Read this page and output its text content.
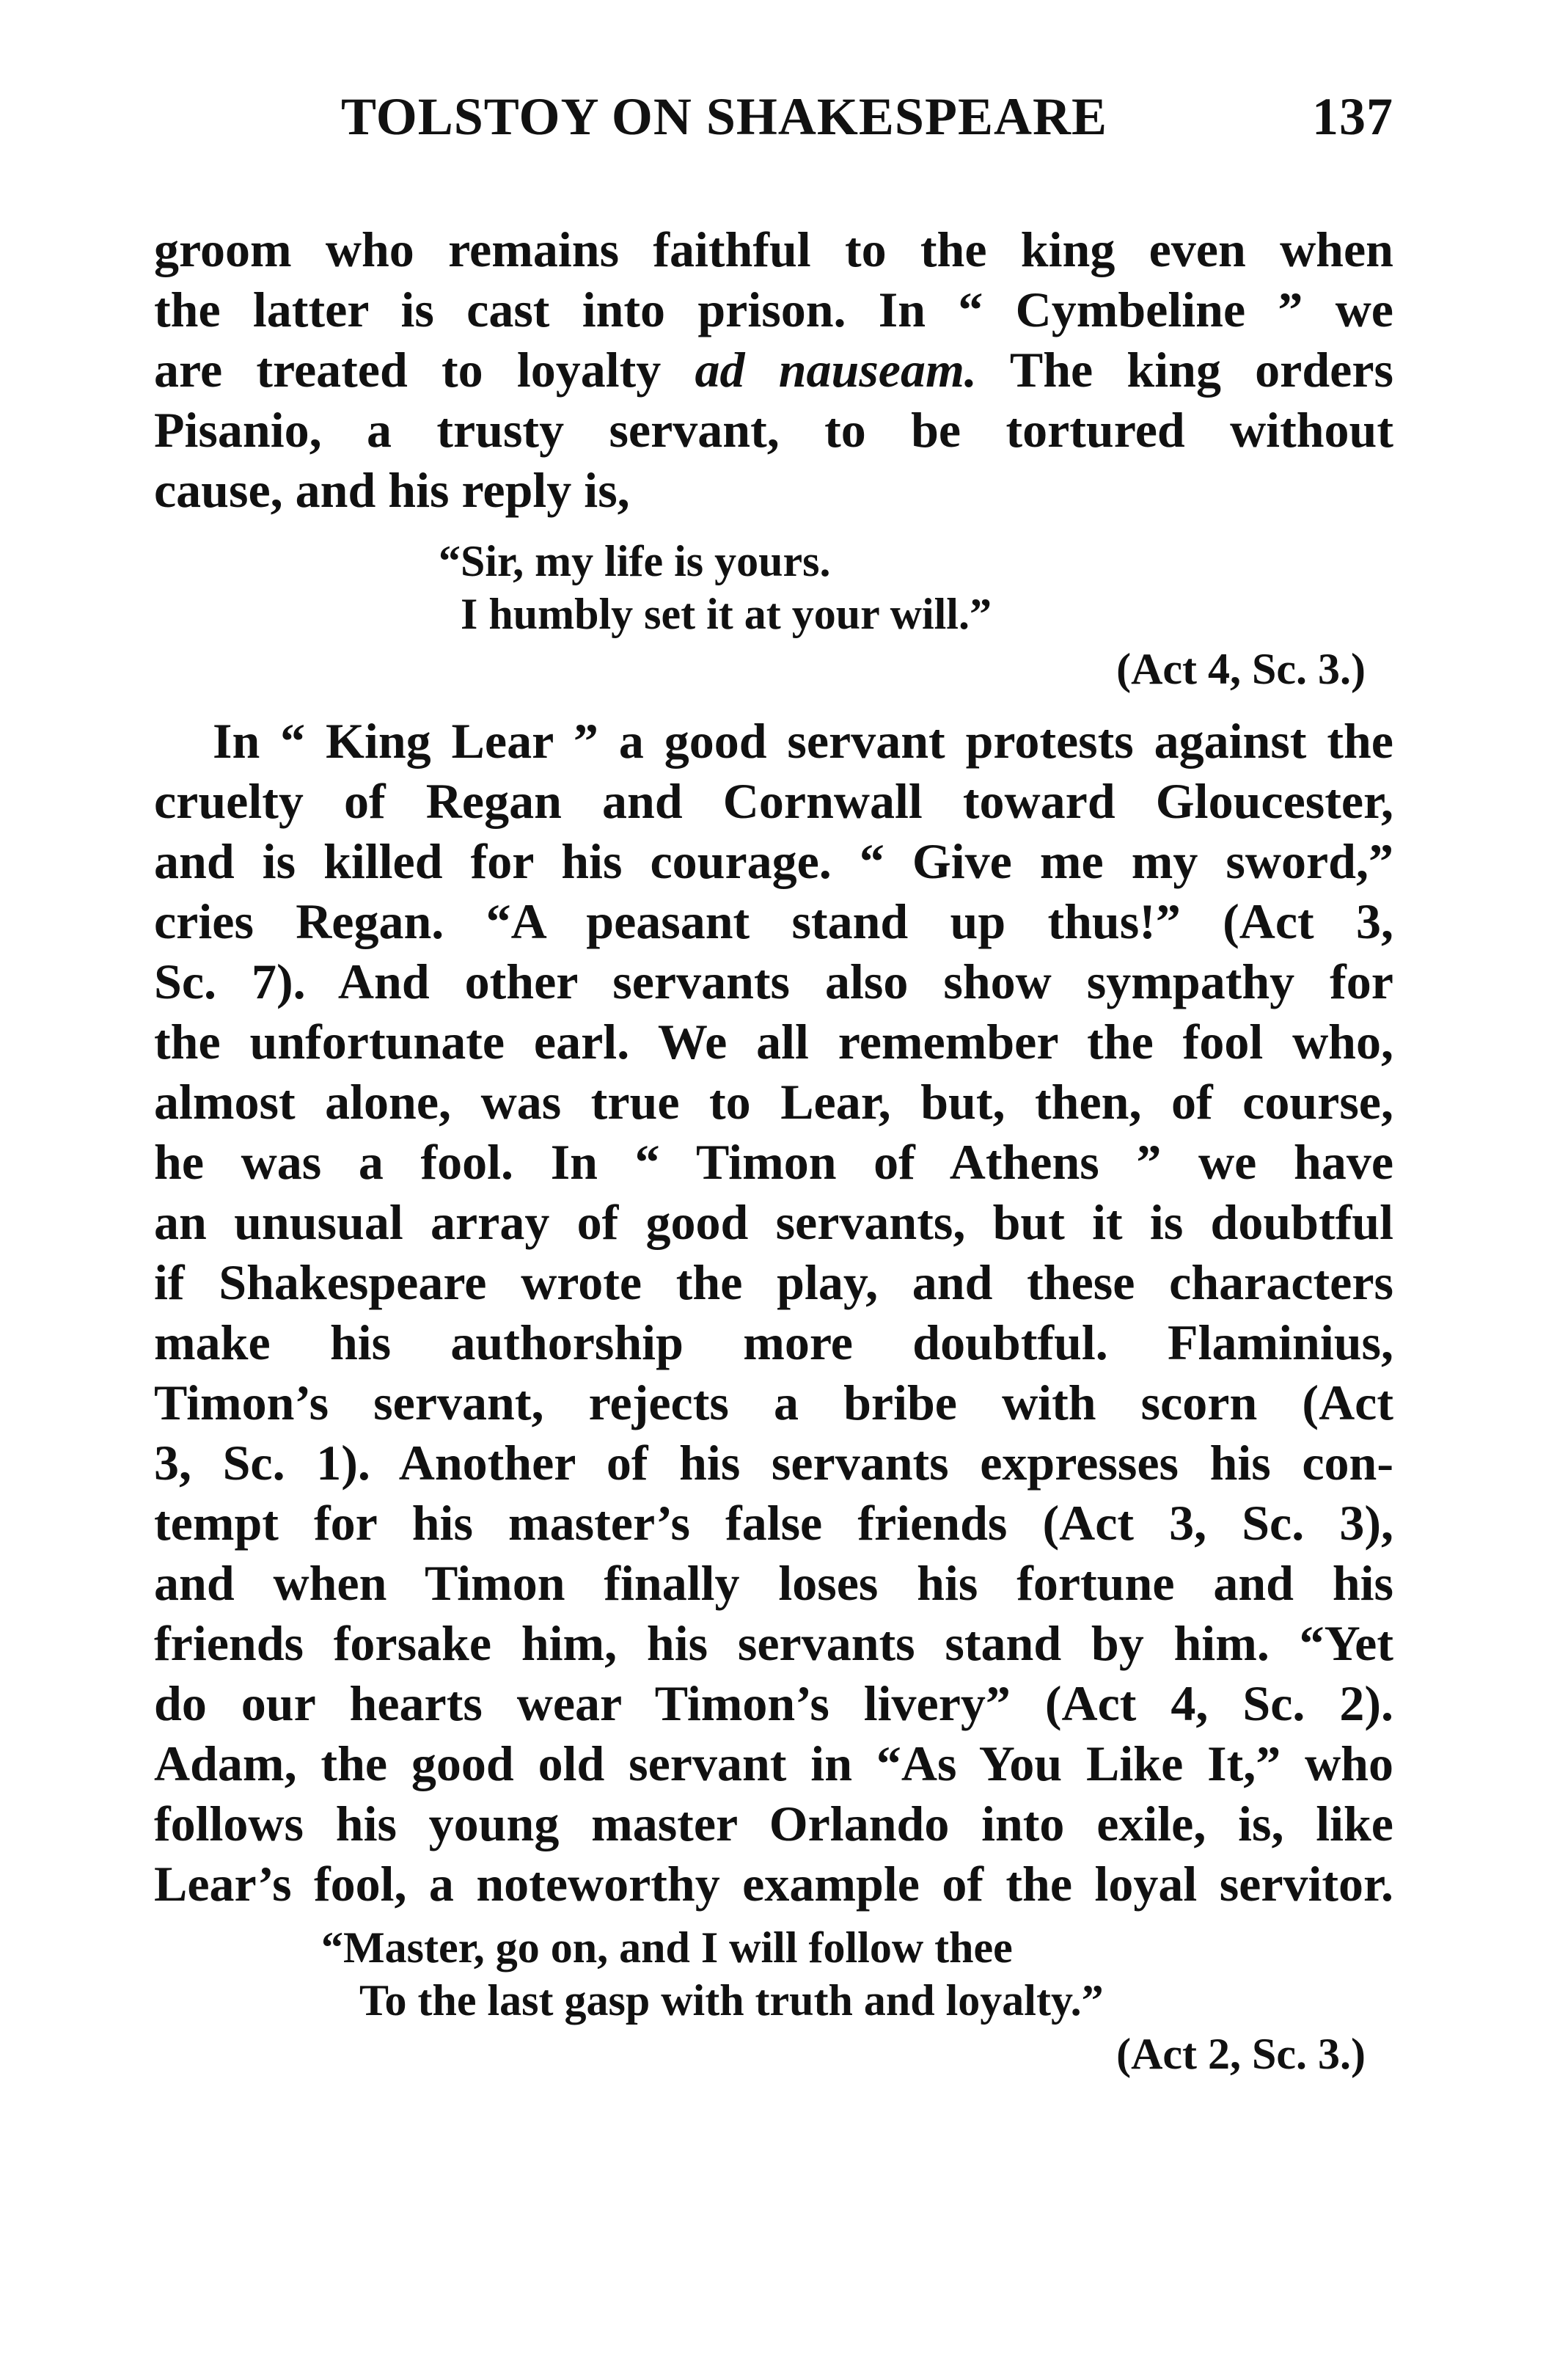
TOLSTOY ON SHAKESPEARE	137
groom who remains faithful to the king even when
the latter is cast into prison. In “ Cymbeline ” we
are treated to loyalty ad nauseam. The king orders
Pisanio, a trusty servant, to be tortured without
cause, and his reply is,
“Sir, my life is yours.
I humbly set it at your will.”
(Act 4, Sc. 3.)
In “ King Lear ” a good servant protests against the
cruelty of Regan and Cornwall toward Gloucester,
and is killed for his courage. “ Give me my sword,”
cries Regan. “A peasant stand up thus!” (Act 3,
Sc. 7). And other servants also show sympathy for
the unfortunate earl. We all remember the fool who,
almost alone, was true to Lear, but, then, of course,
he was a fool. In “ Timon of Athens ” we have
an unusual array of good servants, but it is doubtful
if Shakespeare wrote the play, and these characters
make his authorship more doubtful. Flaminius,
Timon’s servant, rejects a bribe with scorn (Act
3, Sc. 1). Another of his servants expresses his con-
tempt for his master’s false friends (Act 3, Sc. 3),
and when Timon finally loses his fortune and his
friends forsake him, his servants stand by him. “Yet
do our hearts wear Timon’s livery” (Act 4, Sc. 2).
Adam, the good old servant in “As You Like It,” who
follows his young master Orlando into exile, is, like
Lear’s fool, a noteworthy example of the loyal servitor.
“Master, go on, and I will follow thee
To the last gasp with truth and loyalty.”
(Act 2, Sc. 3.)
